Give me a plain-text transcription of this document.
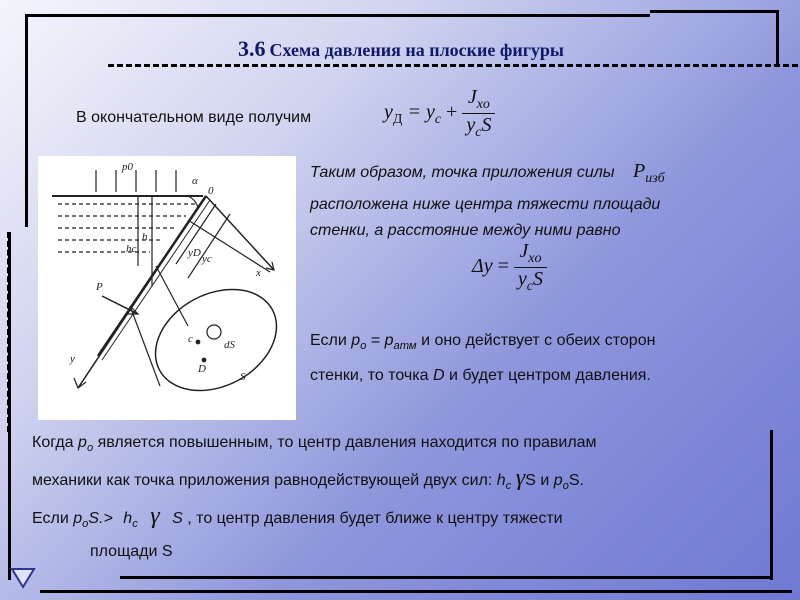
3.6 Схема давления на плоские фигуры
В окончательном виде получим	$y_Д = y_c + \frac{J_{xo}}{y_cS}$
p0
α
0
h
hc	yD yc
x
P
y
c	dS
D
S
Таким образом, точка приложения силы $P_{изб}$
расположена ниже центра тяжести площади
стенки, а расстояние между ними равно
$\Delta y = \frac{J_{xo}}{y_cS}$
Если $p_o = p_{атм}$ и оно действует с обеих сторон
стенки, то точка D и будет центром давления.
Когда $p_o$ является повышенным, то центр давления находится по правилам
механики как точка приложения равнодействующей двух сил: $h_c$ γS и $p_oS$.
Если $p_oS.> h_c$ γ S , то центр давления будет ближе к центру тяжести
площади S
